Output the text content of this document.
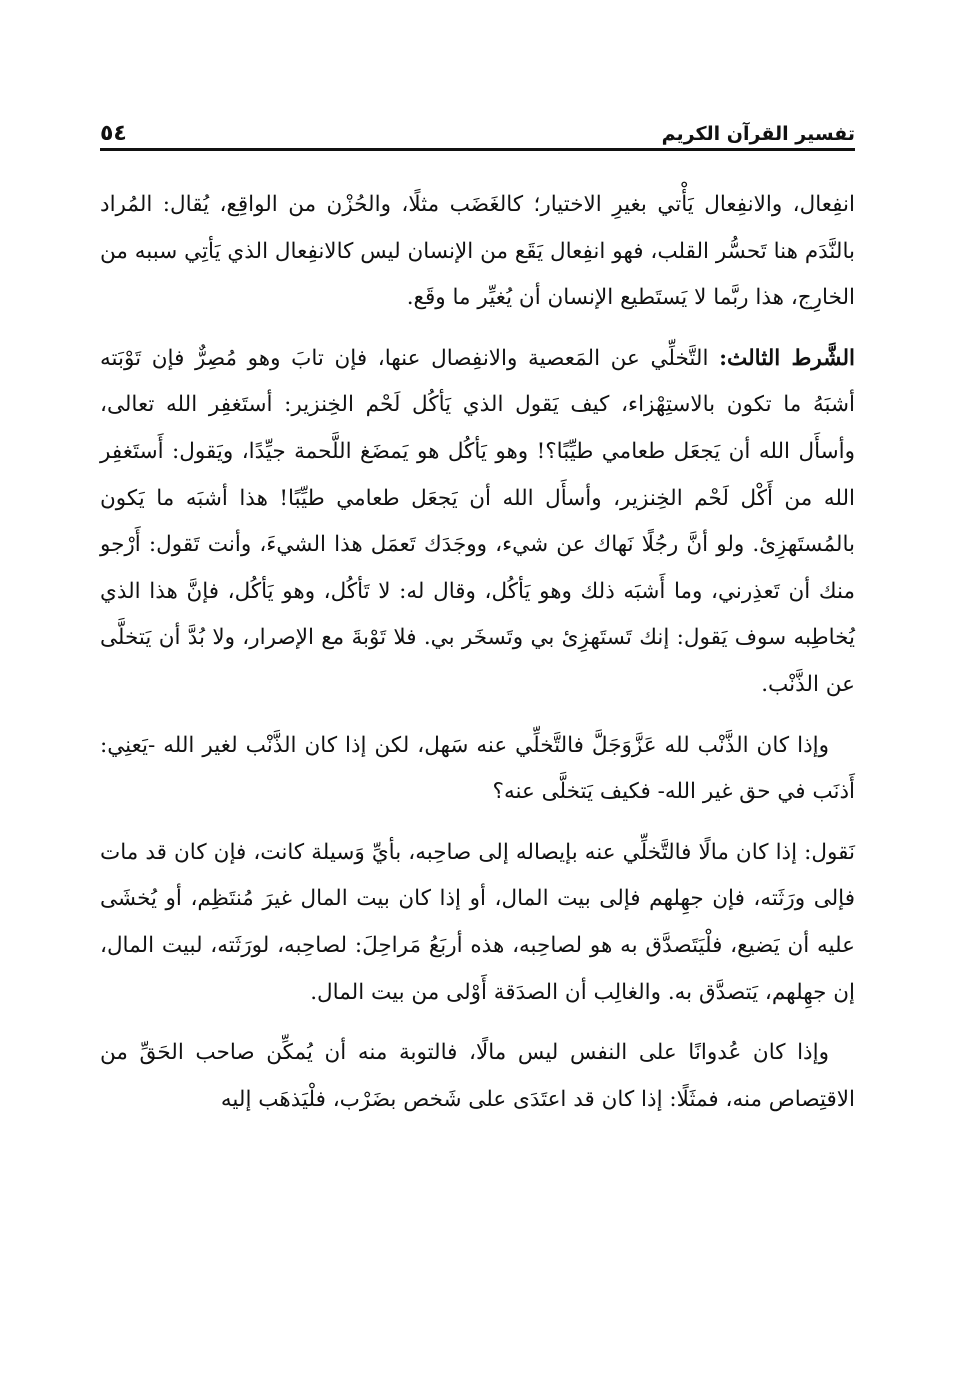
تفسير القرآن الكريم
٥٤

انفِعال، والانفِعال يَأْتي بغيرِ الاختيار؛ كالغَضَب مثلًا، والحُزْن من الواقِع، يُقال: المُراد بالنَّدَم هنا تَحسُّر القلب، فهو انفِعال يَقَع من الإنسان ليس كالانفِعال الذي يَأتِي سببه من الخارِج، هذا ربَّما لا يَستَطيع الإنسان أن يُغيِّر ما وقَع.

الشَّرط الثالث: التَّخلِّي عن المَعصية والانفِصال عنها، فإن تابَ وهو مُصِرٌّ فإن تَوْبَته أشبَهُ ما تكون بالاستِهْزاء، كيف يَقول الذي يَأكُل لَحْم الخِنزير: أستَغفِر الله تعالى، وأسأَل الله أن يَجعَل طعامي طيِّبًا؟! وهو يَأكُل هو يَمضَغ اللَّحمة جيِّدًا، ويَقول: أَستَغفِر الله من أَكْل لَحْم الخِنزير، وأسأَل الله أن يَجعَل طعامي طيِّبًا! هذا أشبَه ما يَكون بالمُستَهزِئ. ولو أنَّ رجُلًا نَهاك عن شيء، ووجَدَك تَعمَل هذا الشيءَ، وأنت تَقول: أَرْجو منك أن تَعذِرني، وما أَشبَه ذلك وهو يَأكُل، وقال له: لا تَأكُل، وهو يَأكُل، فإنَّ هذا الذي يُخاطِبه سوف يَقول: إنك تَستَهزِئ بي وتَسخَر بي. فلا تَوْبةَ مع الإصرار، ولا بُدَّ أن يَتخلَّى عن الذَّنْب.

وإذا كان الذَّنْب لله عَزَّوَجَلَّ فالتَّخلِّي عنه سَهل، لكن إذا كان الذَّنْب لغير الله -يَعنِي: أَذنَب في حق غير الله- فكيف يَتخلَّى عنه؟

نَقول: إذا كان مالًا فالتَّخلِّي عنه بإيصاله إلى صاحِبه، بأيِّ وَسيلة كانت، فإن كان قد مات فإلى ورَثَته، فإن جهِلهم فإلى بيت المال، أو إذا كان بيت المال غيرَ مُنتَظِم، أو يُخشَى عليه أن يَضيع، فلْيَتَصدَّق به هو لصاحِبه، هذه أربَعُ مَراحِلَ: لصاحِبه، لورَثَته، لبيت المال، إن جهِلهم، يَتصدَّق به. والغالِب أن الصدَقة أَوْلى من بيت المال.

وإذا كان عُدوانًا على النفس ليس مالًا، فالتوبة منه أن يُمكِّن صاحب الحَقِّ من الاقتِصاص منه، فمثَلًا: إذا كان قد اعتَدَى على شَخص بضَرْب، فلْيَذهَب إليه
